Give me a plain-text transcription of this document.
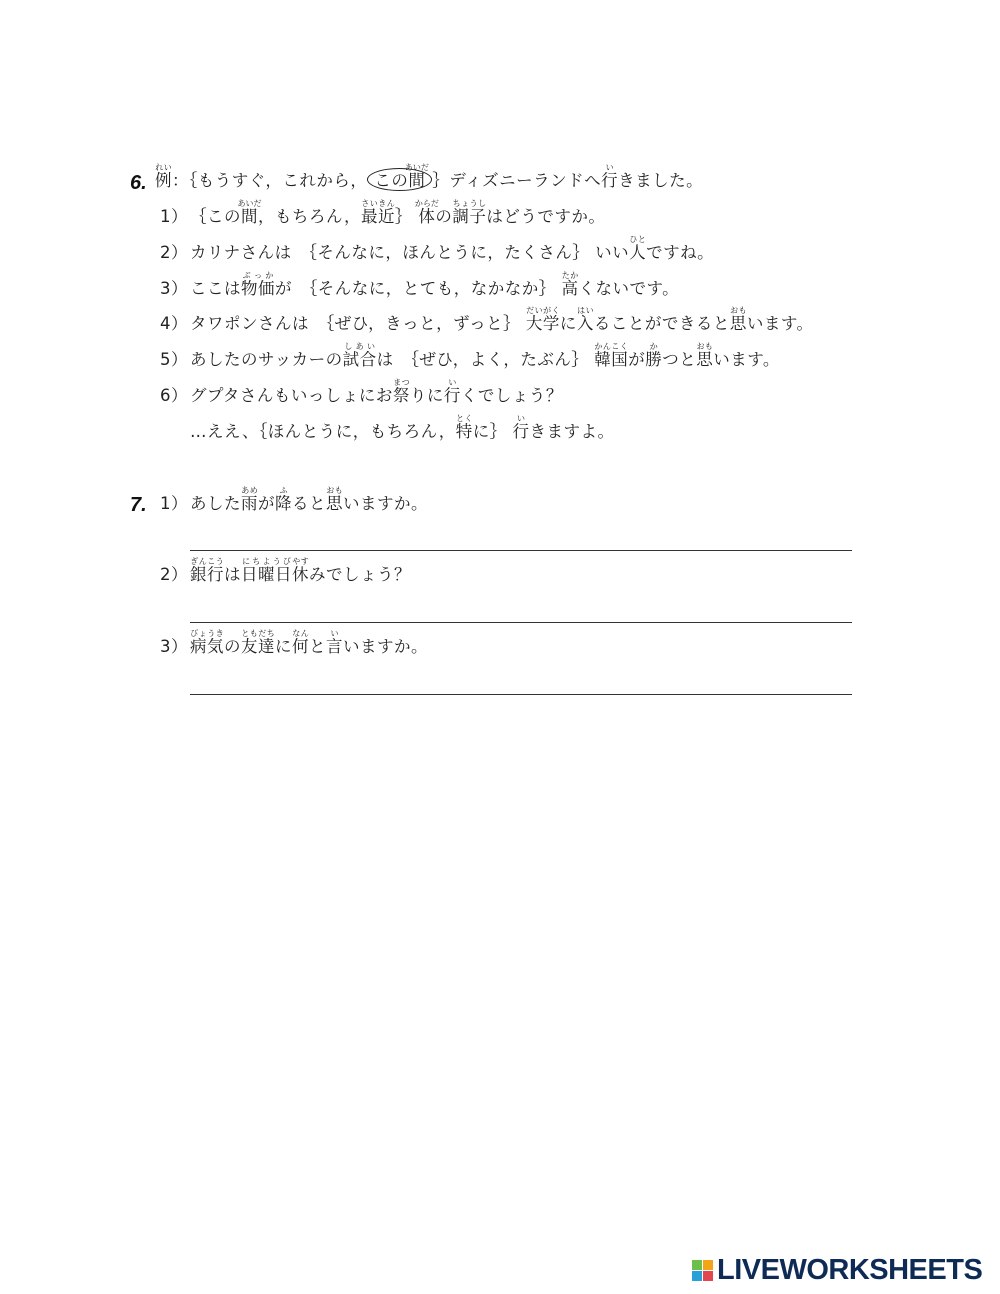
6. 例れい：｛もうすぐ，これから， この間あいだ｝ディズニーランドへ行いきました。
1） ｛この間あいだ，もちろん，最近さいきん｝ 体からだの調子ちょうしはどうですか。
2） カリナさんは　｛そんなに，ほんとうに，たくさん｝ いい人ひとですね。
3） ここは物価ぶっかが　｛そんなに，とても，なかなか｝ 高たかくないです。
4） タワポンさんは　｛ぜひ，きっと，ずっと｝ 大学だいがくに入はいることができると思おもいます。
5） あしたのサッカーの試合しあいは　｛ぜひ，よく，たぶん｝ 韓国かんこくが勝かつと思おもいます。
6） グプタさんもいっしょにお祭まつりに行いくでしょう？
…ええ、｛ほんとうに，もちろん，特とくに｝ 行いきますよ。
7. 1） あした雨あめが降ふると思おもいますか。
2） 銀行ぎんこうは日曜日にちようび休やすみでしょう？
3） 病気びょうきの友達ともだちに何なんと言いいますか。
LIVEWORKSHEETS
